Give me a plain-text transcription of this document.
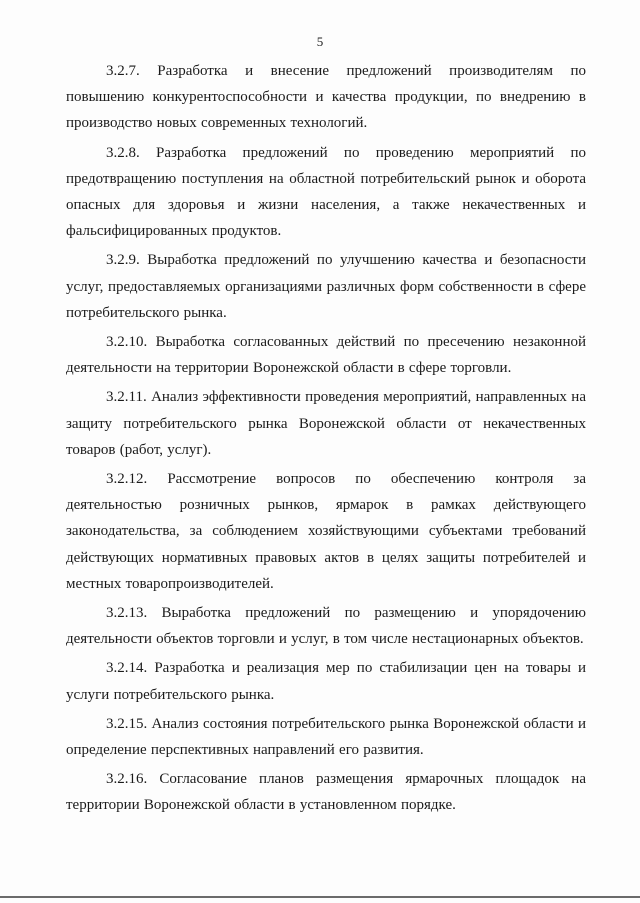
5

3.2.7. Разработка и внесение предложений производителям по повышению конкурентоспособности и качества продукции, по внедрению в производство новых современных технологий.

3.2.8. Разработка предложений по проведению мероприятий по предотвращению поступления на областной потребительский рынок и оборота опасных для здоровья и жизни населения, а также некачественных и фальсифицированных продуктов.

3.2.9. Выработка предложений по улучшению качества и безопасности услуг, предоставляемых организациями различных форм собственности в сфере потребительского рынка.

3.2.10. Выработка согласованных действий по пресечению незаконной деятельности на территории Воронежской области в сфере торговли.

3.2.11. Анализ эффективности проведения мероприятий, направленных на защиту потребительского рынка Воронежской области от некачественных товаров (работ, услуг).

3.2.12. Рассмотрение вопросов по обеспечению контроля за деятельностью розничных рынков, ярмарок в рамках действующего законодательства, за соблюдением хозяйствующими субъектами требований действующих нормативных правовых актов в целях защиты потребителей и местных товаропроизводителей.

3.2.13. Выработка предложений по размещению и упорядочению деятельности объектов торговли и услуг, в том числе нестационарных объектов.

3.2.14. Разработка и реализация мер по стабилизации цен на товары и услуги потребительского рынка.

3.2.15. Анализ состояния потребительского рынка Воронежской области и определение перспективных направлений его развития.

3.2.16. Согласование планов размещения ярмарочных площадок на территории Воронежской области в установленном порядке.
